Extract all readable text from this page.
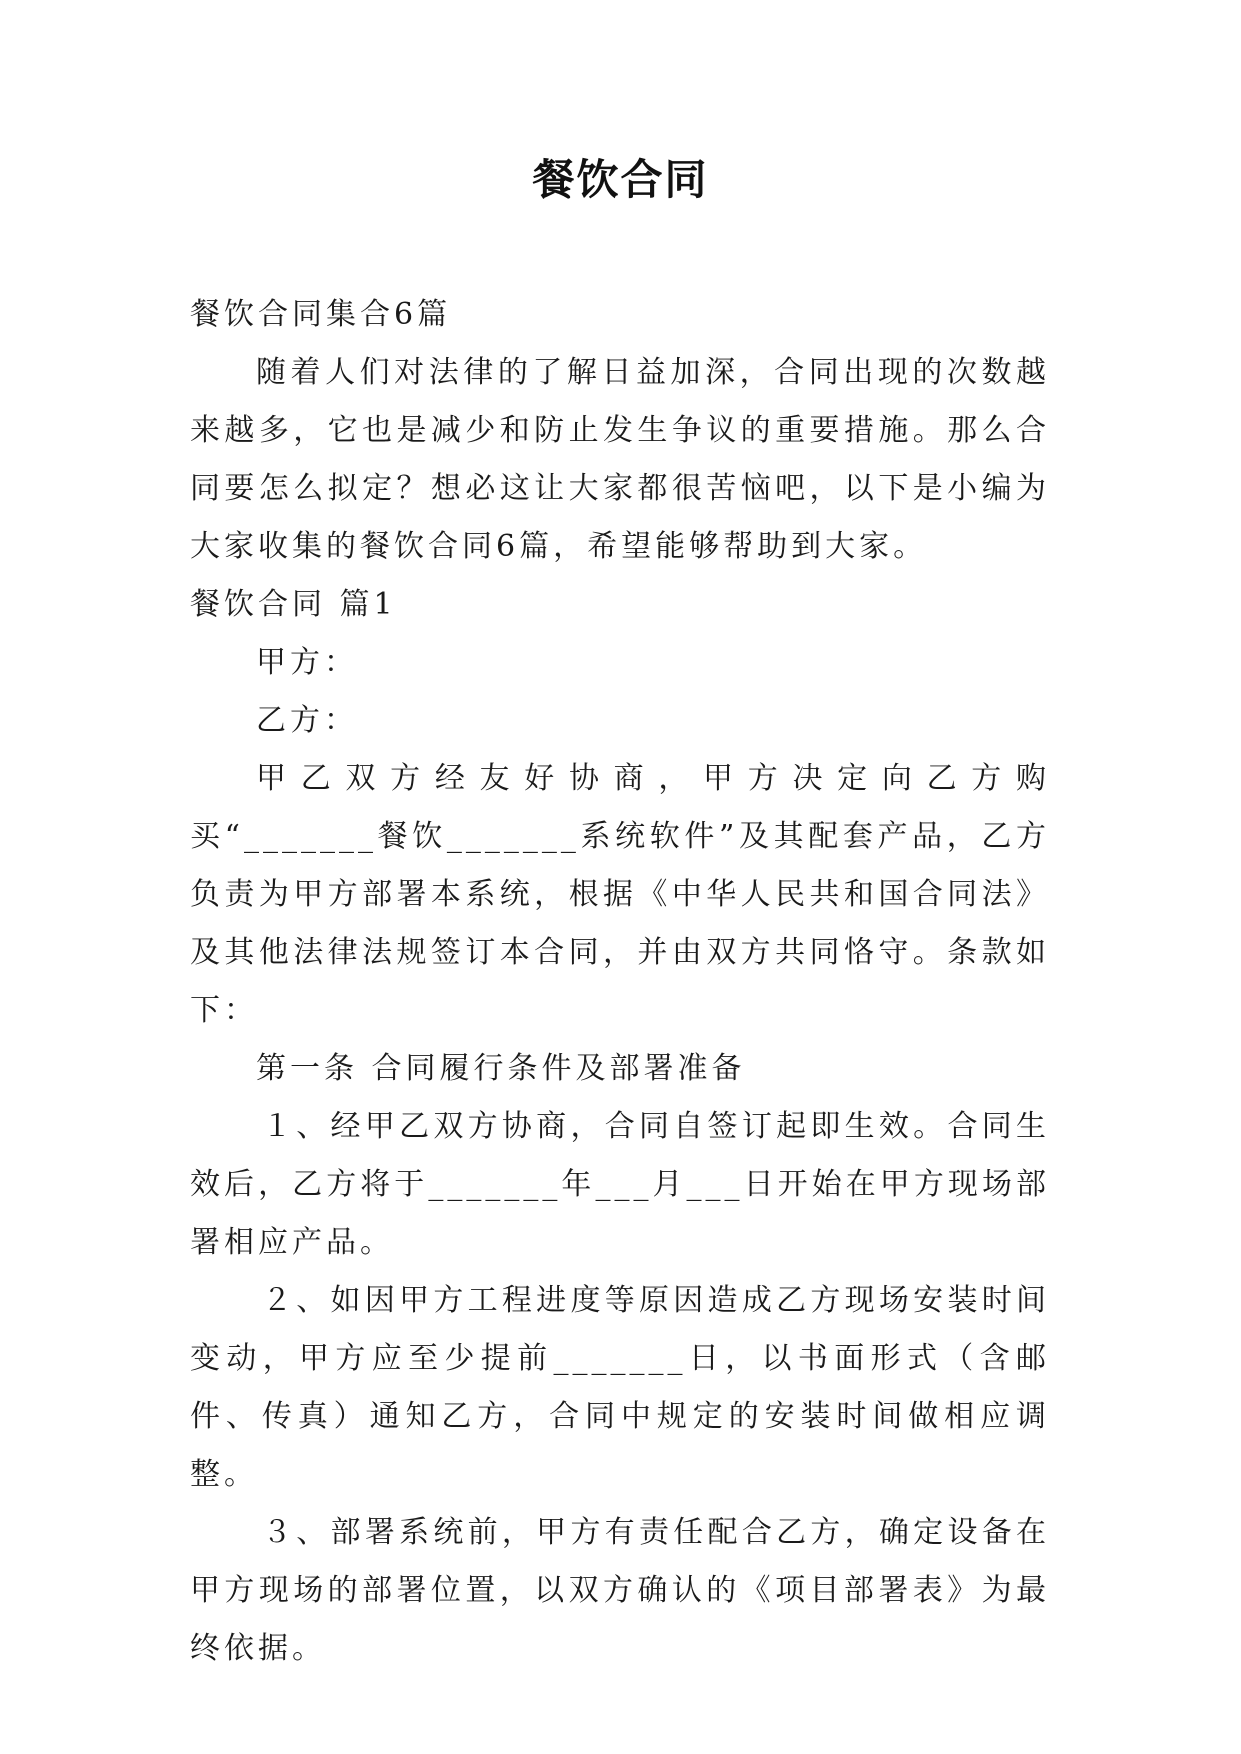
餐饮合同

餐饮合同集合6篇

随着人们对法律的了解日益加深，合同出现的次数越来越多，它也是减少和防止发生争议的重要措施。那么合同要怎么拟定？想必这让大家都很苦恼吧，以下是小编为大家收集的餐饮合同6篇，希望能够帮助到大家。

餐饮合同 篇1

甲方：

乙方：

甲乙双方经友好协商，甲方决定向乙方购买“_______餐饮_______系统软件”及其配套产品，乙方负责为甲方部署本系统，根据《中华人民共和国合同法》及其他法律法规签订本合同，并由双方共同恪守。条款如下：

第一条 合同履行条件及部署准备

１、经甲乙双方协商，合同自签订起即生效。合同生效后，乙方将于_______年___月___日开始在甲方现场部署相应产品。

２、如因甲方工程进度等原因造成乙方现场安装时间变动，甲方应至少提前_______日，以书面形式（含邮件、传真）通知乙方，合同中规定的安装时间做相应调整。

３、部署系统前，甲方有责任配合乙方，确定设备在甲方现场的部署位置，以双方确认的《项目部署表》为最终依据。
